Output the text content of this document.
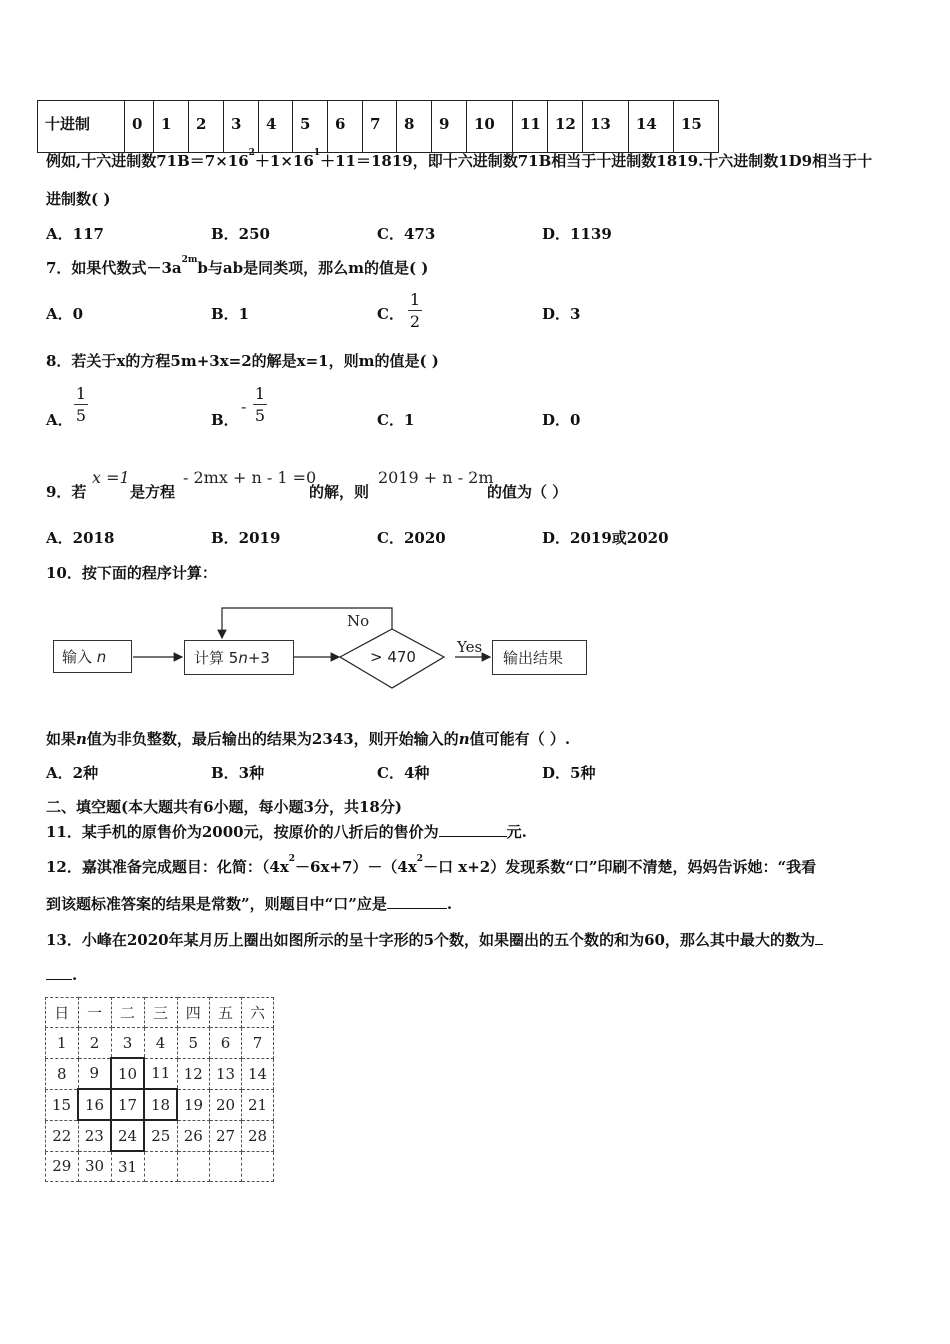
十进制	0	1	2	3	4	5	6	7	8	9	10	11	12	13	14	15
例如,十六进制数$71B=7\times 16^2+1\times 16^1+11=1819$，即十六进制数71B相当于十进制数1819.十六进制数1D9相当于十
进制数( )
A．117	B．250	C．473	D．1139
7．如果代数式$-3a^{2m}b$与ab是同类项，那么m的值是( )
A．0	B．1	C．
1
2	D．3
8．若关于x的方程5m+3x=2的解是x=1，则m的值是( )
A．
1
5	B．
-
1
5	C．1	D．0
9．若
x =1
是方程
- 2mx + n - 1 =0
的解，则
2019 + n - 2m
的值为（ ）
A．2018	B．2019	C．2020	D．2019或2020
10．按下面的程序计算：
输入 n	计算 5n+3	> 470
No
Yes
输出结果
如果n值为非负整数，最后输出的结果为2343，则开始输入的n值可能有（ ）.
A．2种	B．3种	C．4种	D．5种
二、填空题(本大题共有6小题，每小题3分，共18分)
11．某手机的原售价为2000元，按原价的八折后的售价为	元.
12．嘉淇准备完成题目：化简：$(4x^2-6x+7)-(4x^2-$口 x+2）发现系数“口”印刷不清楚，妈妈告诉她：“我看
到该题标准答案的结果是常数”，则题目中“口”应是	.
13．小峰在2020年某月历上圈出如图所示的呈十字形的5个数，如果圈出的五个数的和为60，那么其中最大的数为
.
日	一	二	三	四	五	六
1	2	3	4	5	6	7
8	9	10	11	12	13	14
15	16	17	18	19	20	21
22	23	24	25	26	27	28
29	30	31				
